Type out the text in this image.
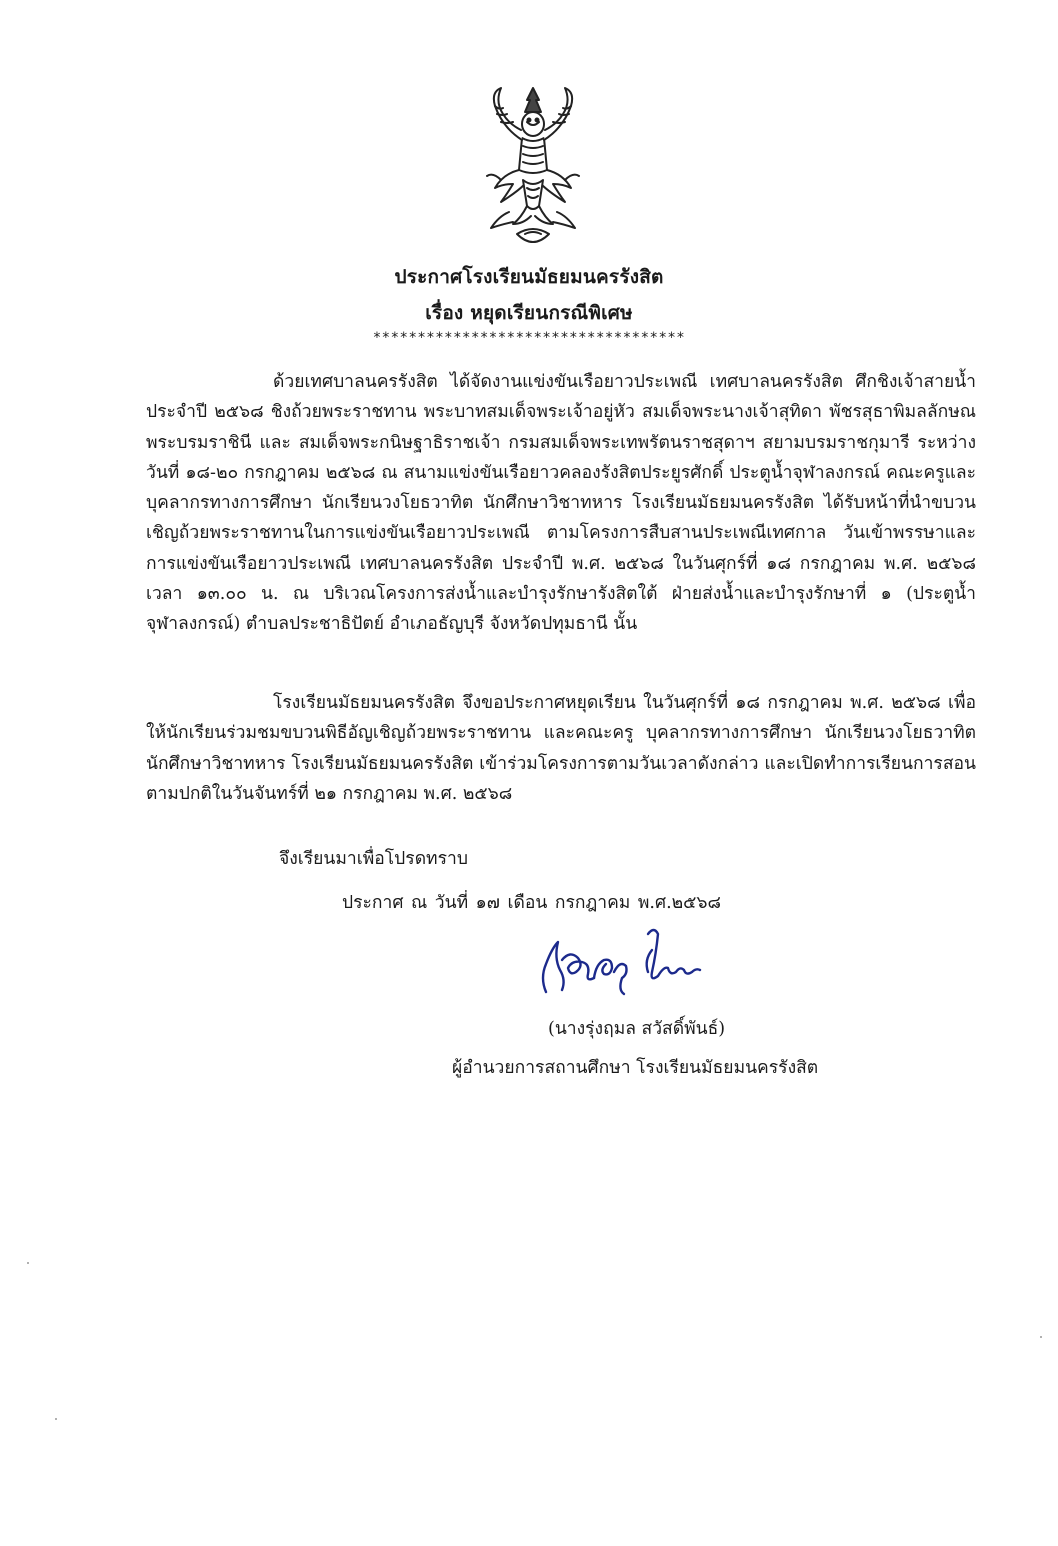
ประกาศโรงเรียนมัธยมนครรังสิต
เรื่อง หยุดเรียนกรณีพิเศษ
***********************************

ด้วยเทศบาลนครรังสิต ได้จัดงานแข่งขันเรือยาวประเพณี เทศบาลนครรังสิต ศึกชิงเจ้าสายน้ำ ประจำปี ๒๕๖๘ ชิงถ้วยพระราชทาน พระบาทสมเด็จพระเจ้าอยู่หัว สมเด็จพระนางเจ้าสุทิดา พัชรสุธาพิมลลักษณ พระบรมราชินี และ สมเด็จพระกนิษฐาธิราชเจ้า กรมสมเด็จพระเทพรัตนราชสุดาฯ สยามบรมราชกุมารี ระหว่างวันที่ ๑๘-๒๐ กรกฎาคม ๒๕๖๘ ณ สนามแข่งขันเรือยาวคลองรังสิตประยูรศักดิ์ ประตูน้ำจุฬาลงกรณ์ คณะครูและบุคลากรทางการศึกษา นักเรียนวงโยธวาทิต นักศึกษาวิชาทหาร โรงเรียนมัธยมนครรังสิต ได้รับหน้าที่นำขบวนเชิญถ้วยพระราชทานในการแข่งขันเรือยาวประเพณี ตามโครงการสืบสานประเพณีเทศกาล วันเข้าพรรษาและการแข่งขันเรือยาวประเพณี เทศบาลนครรังสิต ประจำปี พ.ศ. ๒๕๖๘ ในวันศุกร์ที่ ๑๘ กรกฎาคม พ.ศ. ๒๕๖๘ เวลา ๑๓.๐๐ น. ณ บริเวณโครงการส่งน้ำและบำรุงรักษารังสิตใต้ ฝ่ายส่งน้ำและบำรุงรักษาที่ ๑ (ประตูน้ำจุฬาลงกรณ์) ตำบลประชาธิปัตย์ อำเภอธัญบุรี จังหวัดปทุมธานี นั้น

โรงเรียนมัธยมนครรังสิต จึงขอประกาศหยุดเรียน ในวันศุกร์ที่ ๑๘ กรกฎาคม พ.ศ. ๒๕๖๘ เพื่อให้นักเรียนร่วมชมขบวนพิธีอัญเชิญถ้วยพระราชทาน และคณะครู บุคลากรทางการศึกษา นักเรียนวงโยธวาทิต นักศึกษาวิชาทหาร โรงเรียนมัธยมนครรังสิต เข้าร่วมโครงการตามวันเวลาดังกล่าว และเปิดทำการเรียนการสอนตามปกติในวันจันทร์ที่ ๒๑ กรกฎาคม พ.ศ. ๒๕๖๘

จึงเรียนมาเพื่อโปรดทราบ
ประกาศ ณ วันที่ ๑๗ เดือน กรกฎาคม พ.ศ.๒๕๖๘
(นางรุ่งฤมล สวัสดิ์พันธ์)
ผู้อำนวยการสถานศึกษา โรงเรียนมัธยมนครรังสิต
